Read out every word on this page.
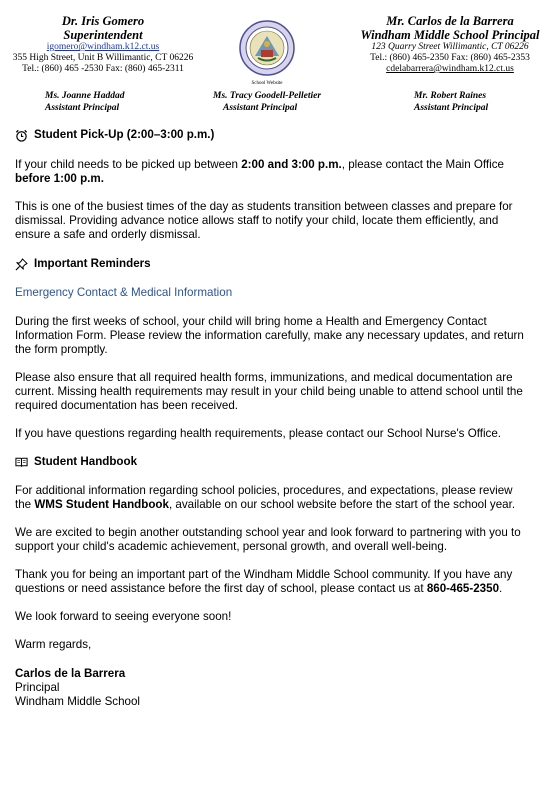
Dr. Iris Gomero
Superintendent
igomero@windham.k12.ct.us
355 High Street, Unit B Willimantic, CT 06226
Tel.: (860) 465 -2530 Fax: (860) 465-2311
School Website
Mr. Carlos de la Barrera
Windham Middle School Principal
123 Quarry Street Willimantic, CT 06226
Tel.: (860) 465-2350 Fax: (860) 465-2353
cdelabarrera@windham.k12.ct.us
Ms. Joanne Haddad
Assistant Principal
Ms. Tracy Goodell-Pelletier
Assistant Principal
Mr. Robert Raines
Assistant Principal
Student Pick-Up (2:00–3:00 p.m.)

If your child needs to be picked up between 2:00 and 3:00 p.m., please contact the Main Office before 1:00 p.m.

This is one of the busiest times of the day as students transition between classes and prepare for dismissal. Providing advance notice allows staff to notify your child, locate them efficiently, and ensure a safe and orderly dismissal.

Important Reminders

Emergency Contact & Medical Information

During the first weeks of school, your child will bring home a Health and Emergency Contact Information Form. Please review the information carefully, make any necessary updates, and return the form promptly.

Please also ensure that all required health forms, immunizations, and medical documentation are current. Missing health requirements may result in your child being unable to attend school until the required documentation has been received.

If you have questions regarding health requirements, please contact our School Nurse's Office.

Student Handbook

For additional information regarding school policies, procedures, and expectations, please review the WMS Student Handbook, available on our school website before the start of the school year.

We are excited to begin another outstanding school year and look forward to partnering with you to support your child's academic achievement, personal growth, and overall well-being.

Thank you for being an important part of the Windham Middle School community. If you have any questions or need assistance before the first day of school, please contact us at 860-465-2350.

We look forward to seeing everyone soon!

Warm regards,

Carlos de la Barrera

Principal

Windham Middle School
